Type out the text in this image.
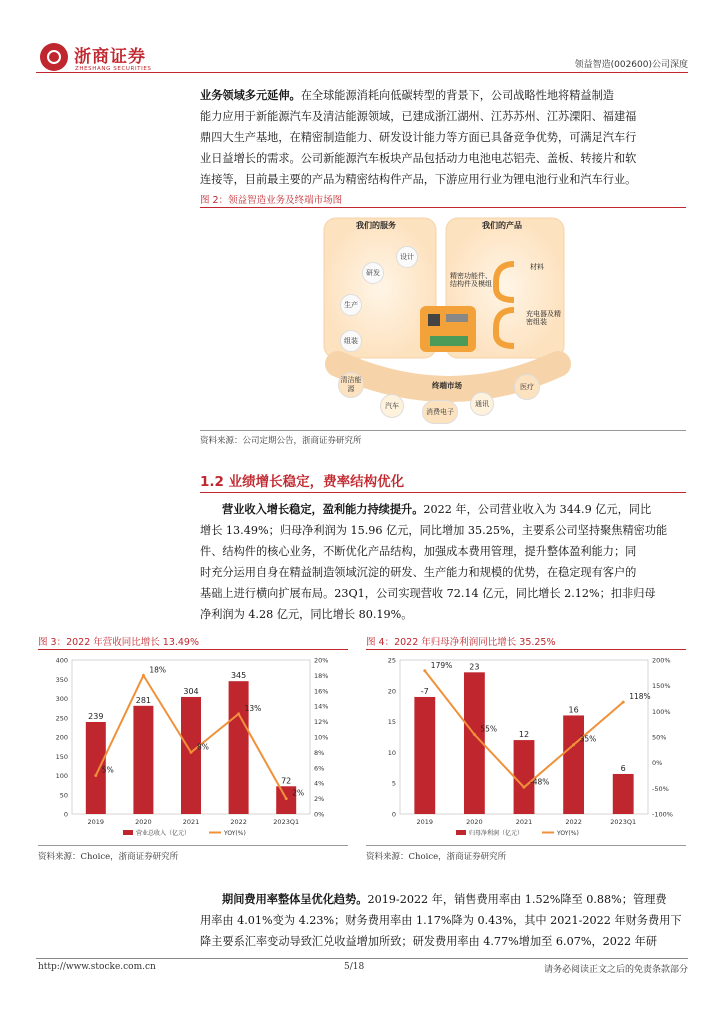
浙商证券
ZHESHANG SECURITIES	领益智造(002600)公司深度
业务领域多元延伸。在全球能源消耗向低碳转型的背景下，公司战略性地将精益制造
能力应用于新能源汽车及清洁能源领域，已建成浙江湖州、江苏苏州、江苏溧阳、福建福
鼎四大生产基地，在精密制造能力、研发设计能力等方面已具备竞争优势，可满足汽车行
业日益增长的需求。公司新能源汽车板块产品包括动力电池电芯铝壳、盖板、转接片和软
连接等，目前最主要的产品为精密结构件产品，下游应用行业为锂电池行业和汽车行业。
图 2：领益智造业务及终端市场图
我们的服务	我们的产品
设计
研发
生产
组装
精密功能件、结构件及模组
材料
充电器及精密组装
终端市场
清洁能源
汽车
消费电子
通讯
医疗
资料来源：公司定期公告，浙商证券研究所
1.2 业绩增长稳定，费率结构优化
营业收入增长稳定，盈利能力持续提升。2022 年，公司营业收入为 344.9 亿元，同比
增长 13.49%；归母净利润为 15.96 亿元，同比增加 35.25%，主要系公司坚持聚焦精密功能
件、结构件的核心业务，不断优化产品结构，加强成本费用管理，提升整体盈利能力；同
时充分运用自身在精益制造领域沉淀的研发、生产能力和规模的优势，在稳定现有客户的
基础上进行横向扩展布局。23Q1，公司实现营收 72.14 亿元，同比增长 2.12%；扣非归母
净利润为 4.28 亿元，同比增长 80.19%。
图 3：2022 年营收同比增长 13.49%
0
50
100
150
200
250
300
350
400
0%
2%
4%
6%
8%
10%
12%
14%
16%
18%
20%
239
2019
281
2020
304
2021
345
2022
72
2023Q1
5%
18%
8%
13%
2%
营业总收入（亿元）	YOY(%)
资料来源：Choice，浙商证券研究所
图 4：2022 年归母净利润同比增长 35.25%
0
5
10
15
20
25
-100%
-50%
0%
50%
100%
150%
200%
-7
2019
23
2020
12
2021
16
2022
6
2023Q1
179%
55%
-48%
35%
118%
归母净利润（亿元）	YOY(%)
资料来源：Choice，浙商证券研究所
期间费用率整体呈优化趋势。2019-2022 年，销售费用率由 1.52%降至 0.88%；管理费
用率由 4.01%变为 4.23%；财务费用率由 1.17%降为 0.43%，其中 2021-2022 年财务费用下
降主要系汇率变动导致汇兑收益增加所致；研发费用率由 4.77%增加至 6.07%，2022 年研
http://www.stocke.com.cn	5/18	请务必阅读正文之后的免责条款部分
